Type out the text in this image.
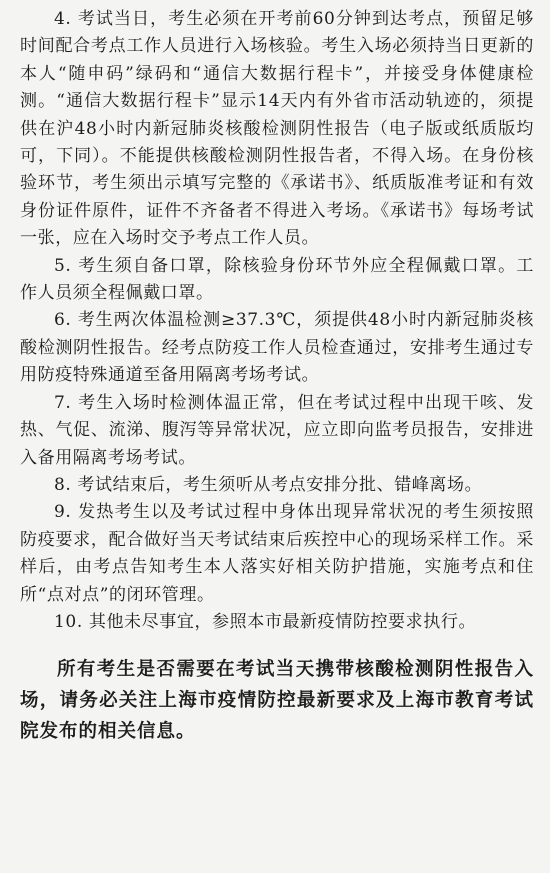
4. 考试当日，考生必须在开考前60分钟到达考点，预留足够时间配合考点工作人员进行入场核验。考生入场必须持当日更新的本人“随申码”绿码和“通信大数据行程卡”，并接受身体健康检测。“通信大数据行程卡”显示14天内有外省市活动轨迹的，须提供在沪48小时内新冠肺炎核酸检测阴性报告（电子版或纸质版均可，下同）。不能提供核酸检测阴性报告者，不得入场。在身份核验环节，考生须出示填写完整的《承诺书》、纸质版准考证和有效身份证件原件，证件不齐备者不得进入考场。《承诺书》每场考试一张，应在入场时交予考点工作人员。

5. 考生须自备口罩，除核验身份环节外应全程佩戴口罩。工作人员须全程佩戴口罩。

6. 考生两次体温检测≥37.3℃，须提供48小时内新冠肺炎核酸检测阴性报告。经考点防疫工作人员检查通过，安排考生通过专用防疫特殊通道至备用隔离考场考试。

7. 考生入场时检测体温正常，但在考试过程中出现干咳、发热、气促、流涕、腹泻等异常状况，应立即向监考员报告，安排进入备用隔离考场考试。

8. 考试结束后，考生须听从考点安排分批、错峰离场。

9. 发热考生以及考试过程中身体出现异常状况的考生须按照防疫要求，配合做好当天考试结束后疾控中心的现场采样工作。采样后，由考点告知考生本人落实好相关防护措施，实施考点和住所“点对点”的闭环管理。

10. 其他未尽事宜，参照本市最新疫情防控要求执行。

所有考生是否需要在考试当天携带核酸检测阴性报告入场，请务必关注上海市疫情防控最新要求及上海市教育考试院发布的相关信息。
